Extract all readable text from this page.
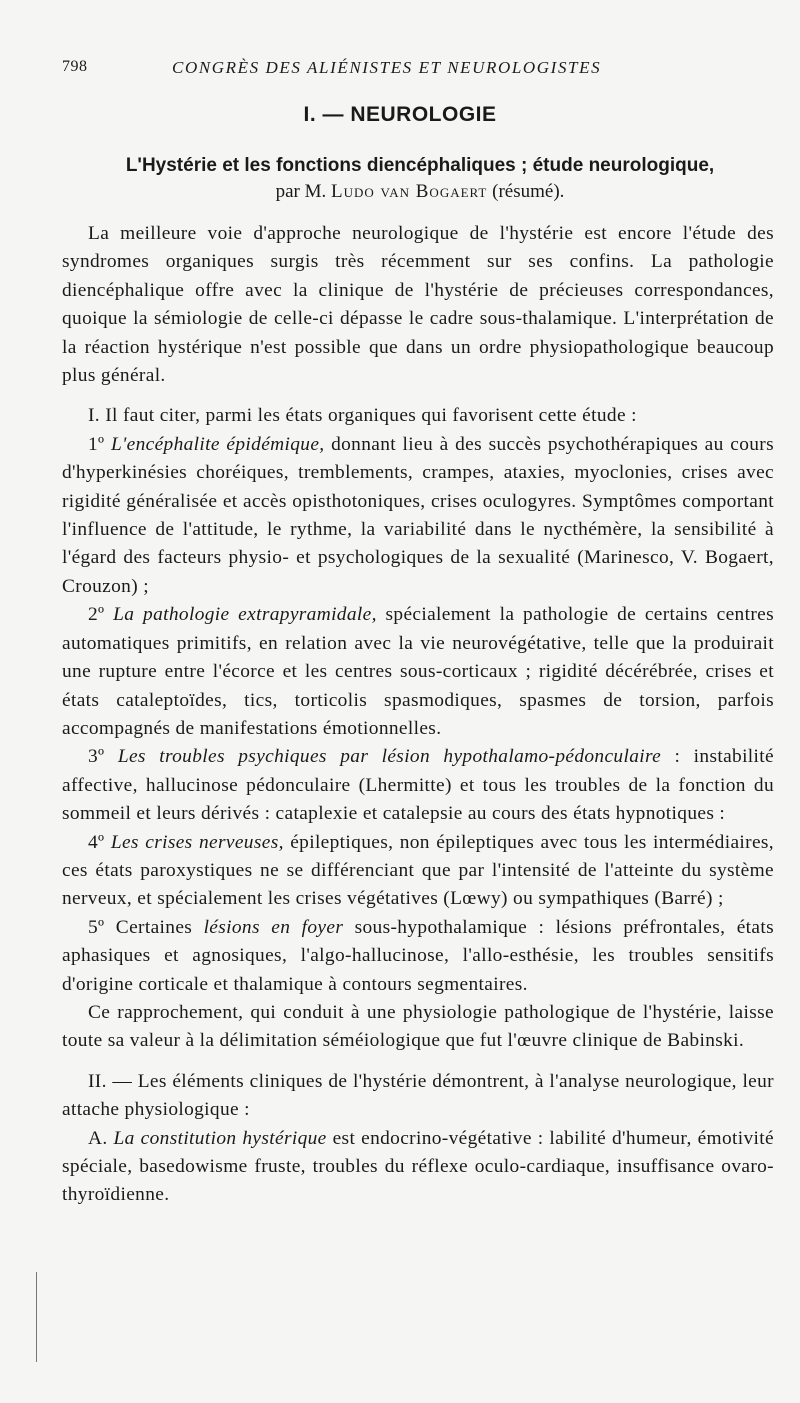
798	CONGRÈS DES ALIÉNISTES ET NEUROLOGISTES
I. — NEUROLOGIE
L'Hystérie et les fonctions diencéphaliques ; étude neurologique,
par M. Ludo van Bogaert (résumé).

La meilleure voie d'approche neurologique de l'hystérie est encore l'étude des syndromes organiques surgis très récemment sur ses confins. La pathologie diencéphalique offre avec la clinique de l'hystérie de précieuses correspondances, quoique la sémiologie de celle-ci dépasse le cadre sous-thalamique. L'interprétation de la réaction hystérique n'est possible que dans un ordre physiopathologique beaucoup plus général.

I. Il faut citer, parmi les états organiques qui favorisent cette étude :

1º L'encéphalite épidémique, donnant lieu à des succès psychothérapiques au cours d'hyperkinésies choréiques, tremblements, crampes, ataxies, myoclonies, crises avec rigidité généralisée et accès opisthotoniques, crises oculogyres. Symptômes comportant l'influence de l'attitude, le rythme, la variabilité dans le nycthémère, la sensibilité à l'égard des facteurs physio- et psychologiques de la sexualité (Marinesco, V. Bogaert, Crouzon) ;

2º La pathologie extrapyramidale, spécialement la pathologie de certains centres automatiques primitifs, en relation avec la vie neurovégétative, telle que la produirait une rupture entre l'écorce et les centres sous-corticaux ; rigidité décérébrée, crises et états cataleptoïdes, tics, torticolis spasmodiques, spasmes de torsion, parfois accompagnés de manifestations émotionnelles.

3º Les troubles psychiques par lésion hypothalamo-pédonculaire : instabilité affective, hallucinose pédonculaire (Lhermitte) et tous les troubles de la fonction du sommeil et leurs dérivés : cataplexie et catalepsie au cours des états hypnotiques :

4º Les crises nerveuses, épileptiques, non épileptiques avec tous les intermédiaires, ces états paroxystiques ne se différenciant que par l'intensité de l'atteinte du système nerveux, et spécialement les crises végétatives (Lœwy) ou sympathiques (Barré) ;

5º Certaines lésions en foyer sous-hypothalamique : lésions préfrontales, états aphasiques et agnosiques, l'algo-hallucinose, l'allo-esthésie, les troubles sensitifs d'origine corticale et thalamique à contours segmentaires.

Ce rapprochement, qui conduit à une physiologie pathologique de l'hystérie, laisse toute sa valeur à la délimitation séméiologique que fut l'œuvre clinique de Babinski.

II. — Les éléments cliniques de l'hystérie démontrent, à l'analyse neurologique, leur attache physiologique :

A. La constitution hystérique est endocrino-végétative : labilité d'humeur, émotivité spéciale, basedowisme fruste, troubles du réflexe oculo-cardiaque, insuffisance ovaro-thyroïdienne.
